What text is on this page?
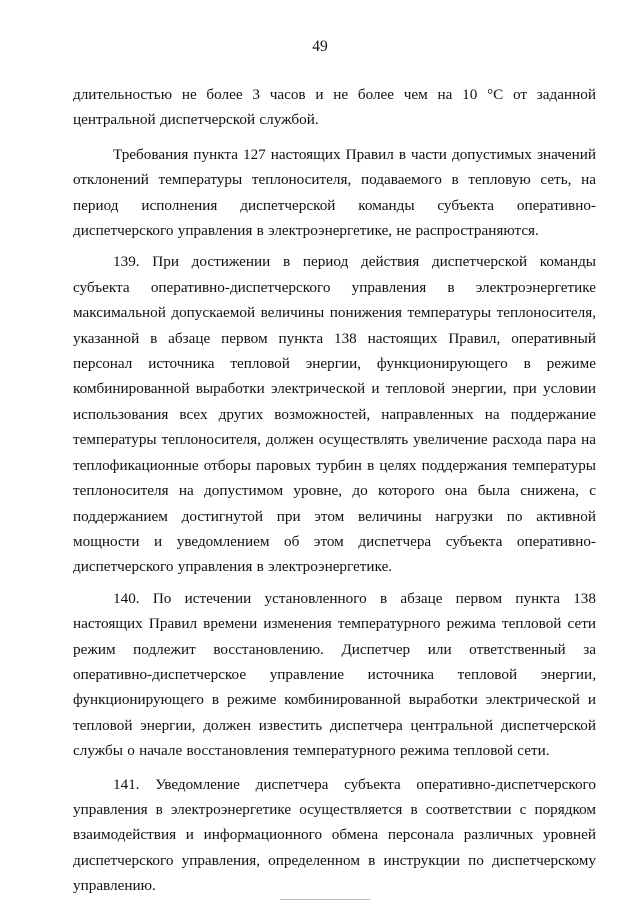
49

длительностью не более 3 часов и не более чем на 10 °С от заданной центральной диспетчерской службой.

Требования пункта 127 настоящих Правил в части допустимых значений отклонений температуры теплоносителя, подаваемого в тепловую сеть, на период исполнения диспетчерской команды субъекта оперативно-диспетчерского управления в электроэнергетике, не распространяются.

139. При достижении в период действия диспетчерской команды субъекта оперативно-диспетчерского управления в электроэнергетике максимальной допускаемой величины понижения температуры теплоносителя, указанной в абзаце первом пункта 138 настоящих Правил, оперативный персонал источника тепловой энергии, функционирующего в режиме комбинированной выработки электрической и тепловой энергии, при условии использования всех других возможностей, направленных на поддержание температуры теплоносителя, должен осуществлять увеличение расхода пара на теплофикационные отборы паровых турбин в целях поддержания температуры теплоносителя на допустимом уровне, до которого она была снижена, с поддержанием достигнутой при этом величины нагрузки по активной мощности и уведомлением об этом диспетчера субъекта оперативно-диспетчерского управления в электроэнергетике.

140. По истечении установленного в абзаце первом пункта 138 настоящих Правил времени изменения температурного режима тепловой сети режим подлежит восстановлению. Диспетчер или ответственный за оперативно-диспетчерское управление источника тепловой энергии, функционирующего в режиме комбинированной выработки электрической и тепловой энергии, должен известить диспетчера центральной диспетчерской службы о начале восстановления температурного режима тепловой сети.

141. Уведомление диспетчера субъекта оперативно-диспетчерского управления в электроэнергетике осуществляется в соответствии с порядком взаимодействия и информационного обмена персонала различных уровней диспетчерского управления, определенном в инструкции по диспетчерскому управлению.
